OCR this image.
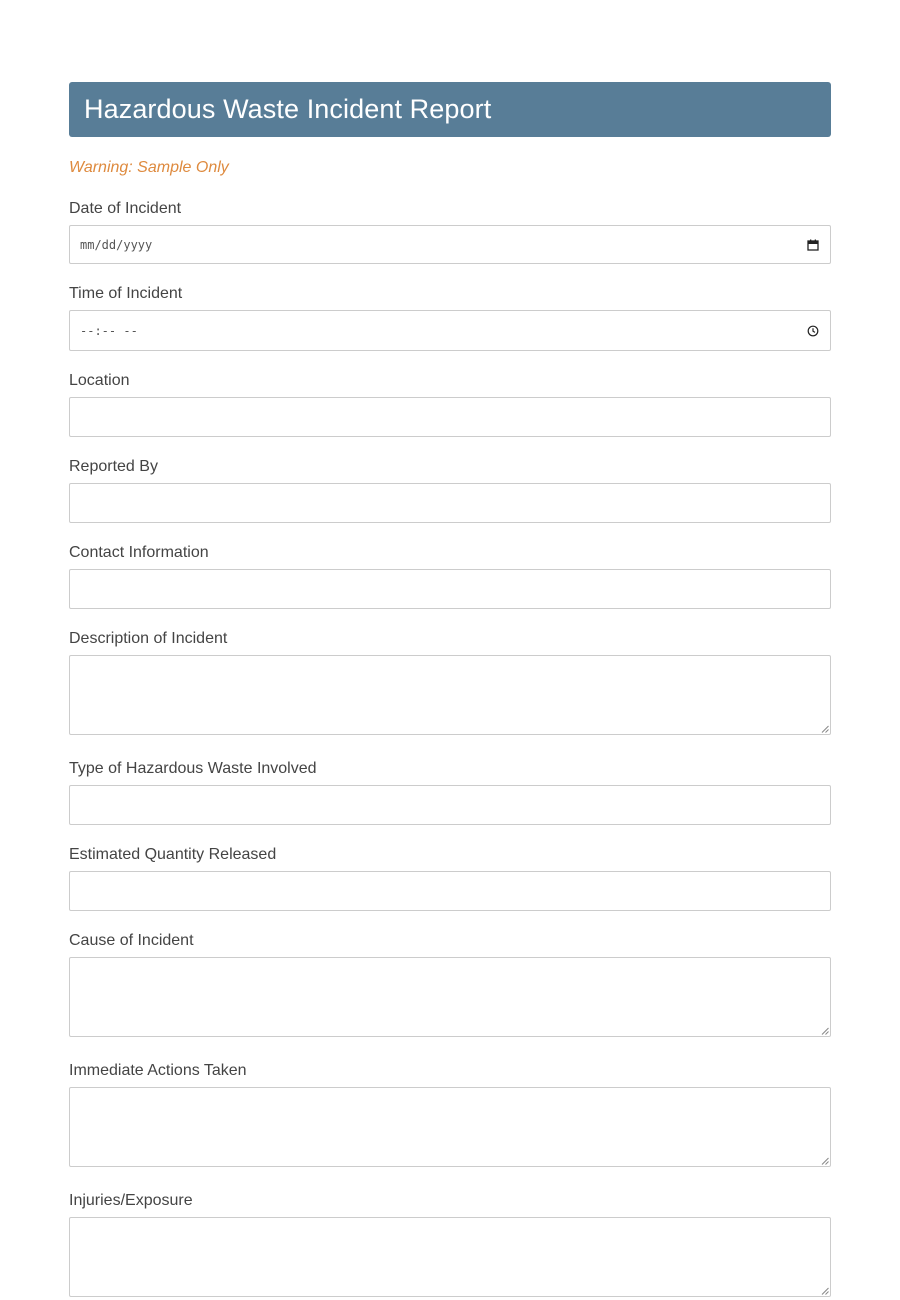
Hazardous Waste Incident Report
Warning: Sample Only
Date of Incident
mm/dd/yyyy
Time of Incident
--:-- --
Location
Reported By
Contact Information
Description of Incident
Type of Hazardous Waste Involved
Estimated Quantity Released
Cause of Incident
Immediate Actions Taken
Injuries/Exposure
